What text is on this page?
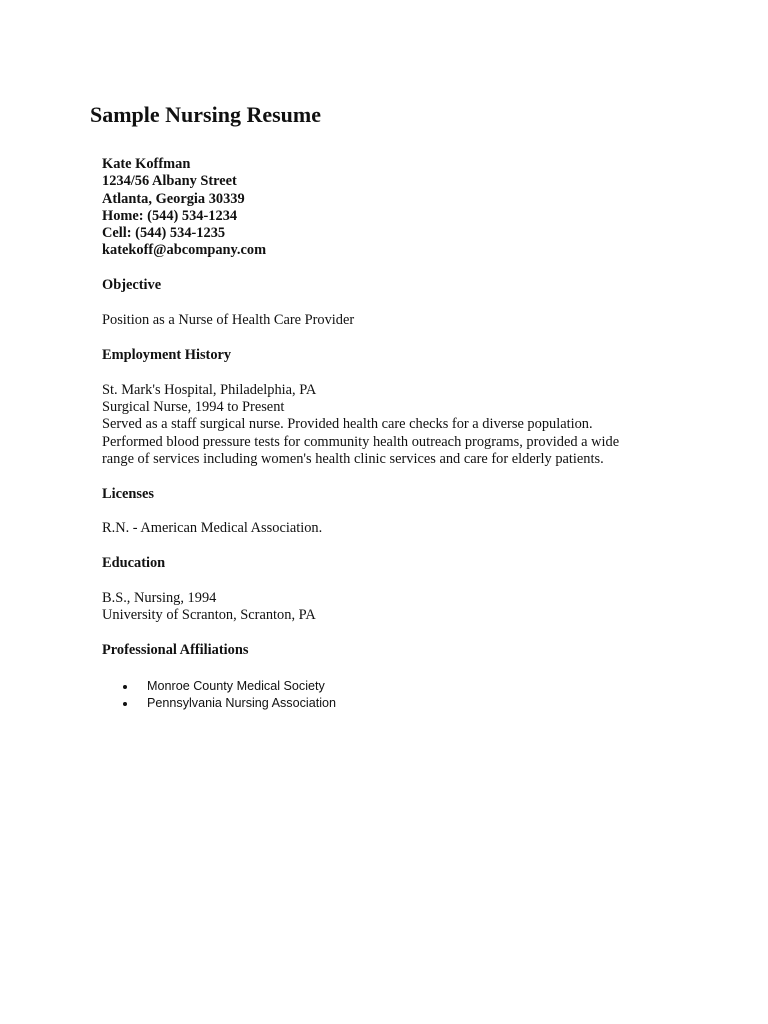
Sample Nursing Resume
Kate Koffman
1234/56 Albany Street
Atlanta, Georgia 30339
Home: (544) 534-1234
Cell: (544) 534-1235
katekoff@abcompany.com
Objective
Position as a Nurse of Health Care Provider
Employment History
St. Mark's Hospital, Philadelphia, PA
Surgical Nurse, 1994 to Present
Served as a staff surgical nurse. Provided health care checks for a diverse population.
Performed blood pressure tests for community health outreach programs, provided a wide
range of services including women's health clinic services and care for elderly patients.
Licenses
R.N. - American Medical Association.
Education
B.S., Nursing, 1994
University of Scranton, Scranton, PA
Professional Affiliations
Monroe County Medical Society
Pennsylvania Nursing Association
